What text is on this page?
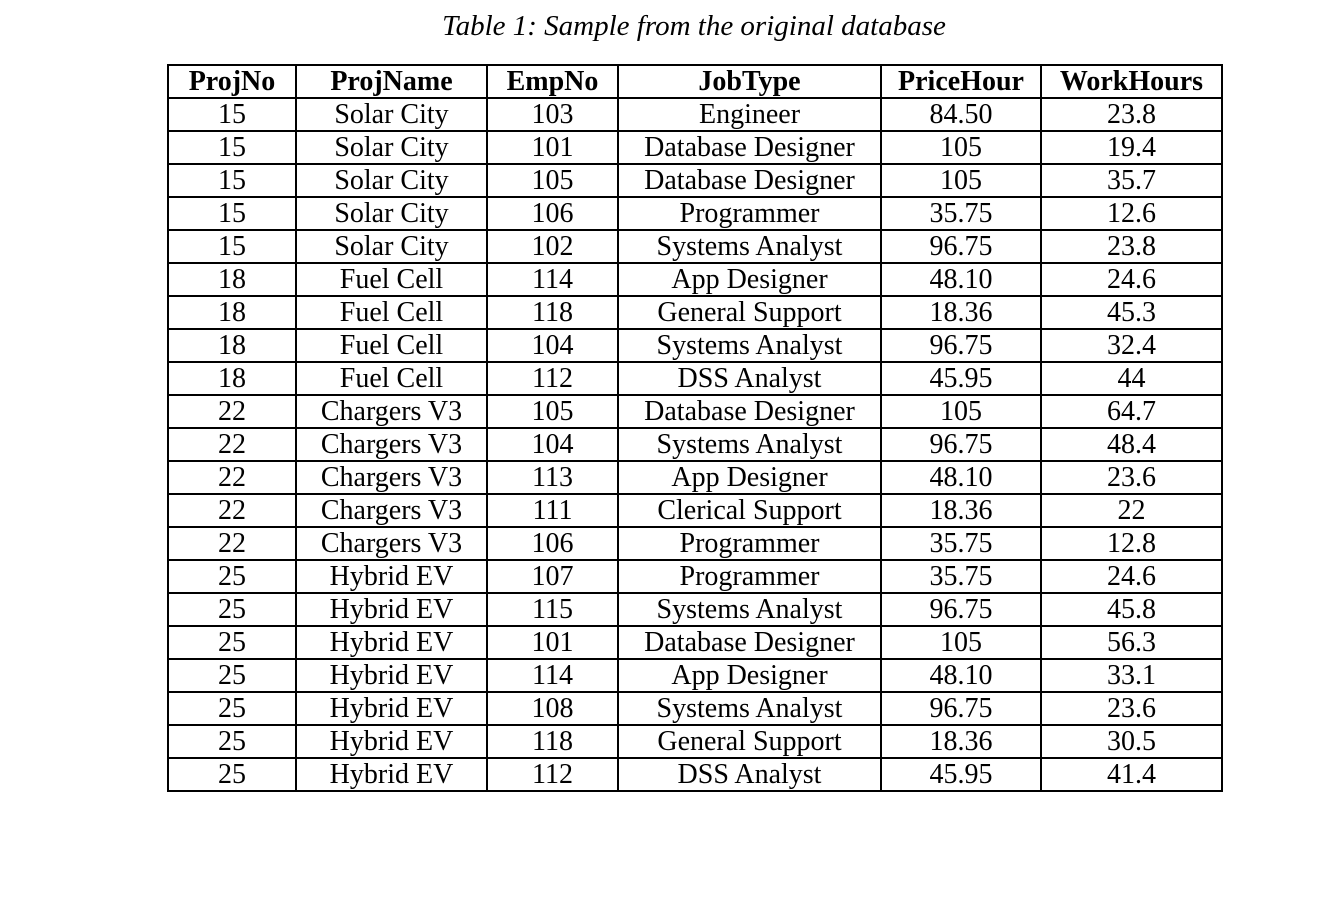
Table 1: Sample from the original database
ProjNo	ProjName	EmpNo	JobType	PriceHour	WorkHours
15	Solar City	103	Engineer	84.50	23.8
15	Solar City	101	Database Designer	105	19.4
15	Solar City	105	Database Designer	105	35.7
15	Solar City	106	Programmer	35.75	12.6
15	Solar City	102	Systems Analyst	96.75	23.8
18	Fuel Cell	114	App Designer	48.10	24.6
18	Fuel Cell	118	General Support	18.36	45.3
18	Fuel Cell	104	Systems Analyst	96.75	32.4
18	Fuel Cell	112	DSS Analyst	45.95	44
22	Chargers V3	105	Database Designer	105	64.7
22	Chargers V3	104	Systems Analyst	96.75	48.4
22	Chargers V3	113	App Designer	48.10	23.6
22	Chargers V3	111	Clerical Support	18.36	22
22	Chargers V3	106	Programmer	35.75	12.8
25	Hybrid EV	107	Programmer	35.75	24.6
25	Hybrid EV	115	Systems Analyst	96.75	45.8
25	Hybrid EV	101	Database Designer	105	56.3
25	Hybrid EV	114	App Designer	48.10	33.1
25	Hybrid EV	108	Systems Analyst	96.75	23.6
25	Hybrid EV	118	General Support	18.36	30.5
25	Hybrid EV	112	DSS Analyst	45.95	41.4
